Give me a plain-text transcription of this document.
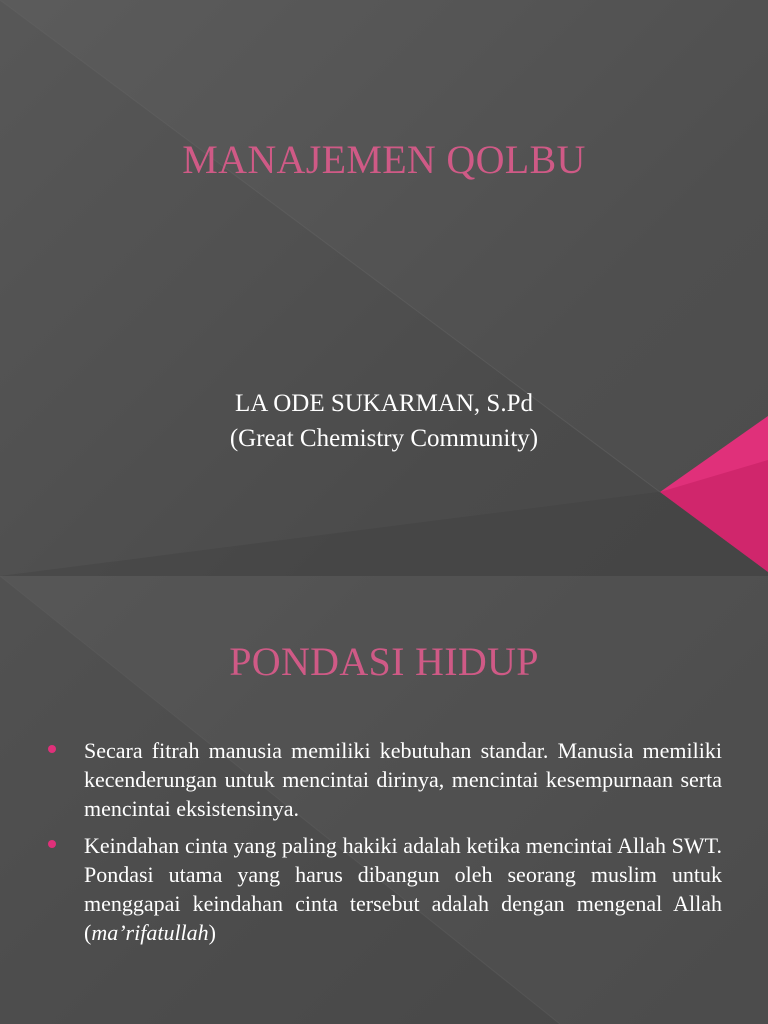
MANAJEMEN QOLBU
LA ODE SUKARMAN, S.Pd
(Great Chemistry Community)
PONDASI HIDUP
Secara fitrah manusia memiliki kebutuhan standar. Manusia memiliki kecenderungan untuk mencintai dirinya, mencintai kesempurnaan serta mencintai eksistensinya.
Keindahan cinta yang paling hakiki adalah ketika mencintai Allah SWT. Pondasi utama yang harus dibangun oleh seorang muslim untuk menggapai keindahan cinta tersebut adalah dengan mengenal Allah (ma’rifatullah)
